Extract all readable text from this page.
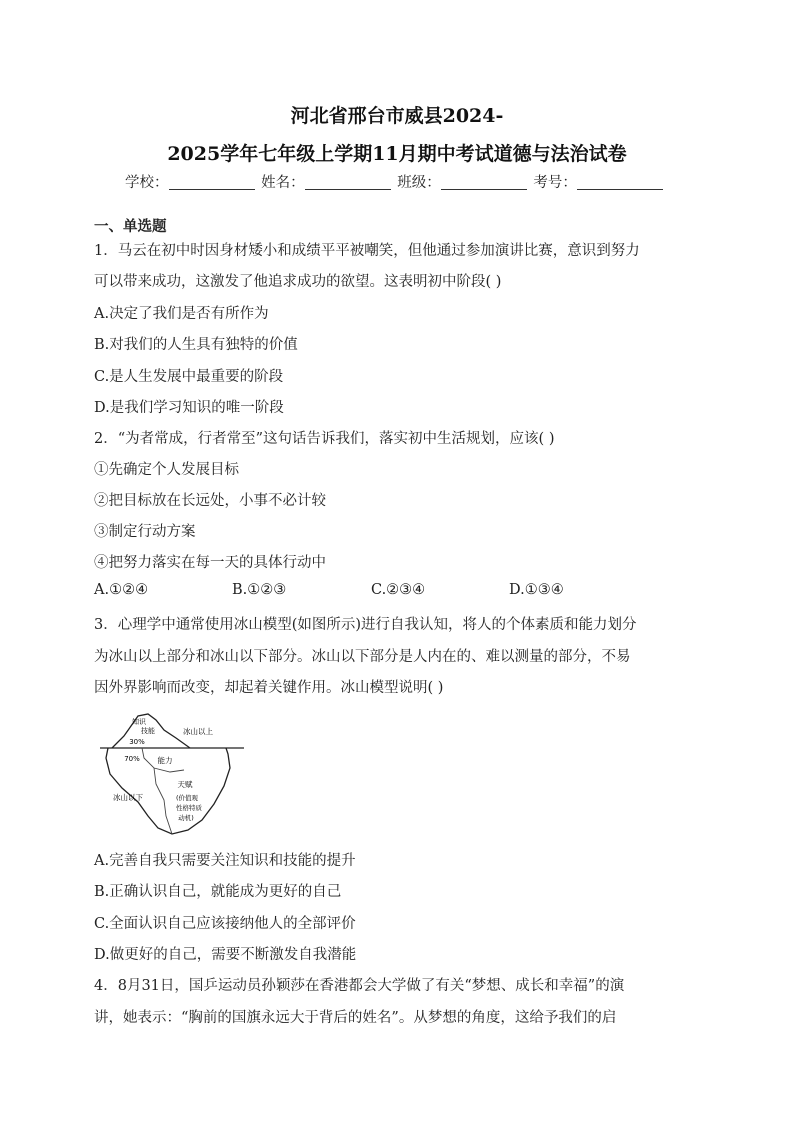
河北省邢台市威县2024-
2025学年七年级上学期11月期中考试道德与法治试卷
学校：	姓名：	班级：	考号：
一、单选题
1．马云在初中时因身材矮小和成绩平平被嘲笑，但他通过参加演讲比赛，意识到努力
可以带来成功，这激发了他追求成功的欲望。这表明初中阶段( )
A.决定了我们是否有所作为
B.对我们的人生具有独特的价值
C.是人生发展中最重要的阶段
D.是我们学习知识的唯一阶段
2．“为者常成，行者常至”这句话告诉我们，落实初中生活规划，应该( )
①先确定个人发展目标
②把目标放在长远处，小事不必计较
③制定行动方案
④把努力落实在每一天的具体行动中
A.①②④	B.①②③	C.②③④	D.①③④
3．心理学中通常使用冰山模型(如图所示)进行自我认知，将人的个体素质和能力划分
为冰山以上部分和冰山以下部分。冰山以下部分是人内在的、难以测量的部分，不易
因外界影响而改变，却起着关键作用。冰山模型说明( )
知识
技能
30%
冰山以上
70% 能力
天赋
(价值观
性格特质
动机)
冰山以下
A.完善自我只需要关注知识和技能的提升
B.正确认识自己，就能成为更好的自己
C.全面认识自己应该接纳他人的全部评价
D.做更好的自己，需要不断激发自我潜能
4．8月31日，国乒运动员孙颖莎在香港都会大学做了有关“梦想、成长和幸福”的演
讲，她表示：“胸前的国旗永远大于背后的姓名”。从梦想的角度，这给予我们的启
